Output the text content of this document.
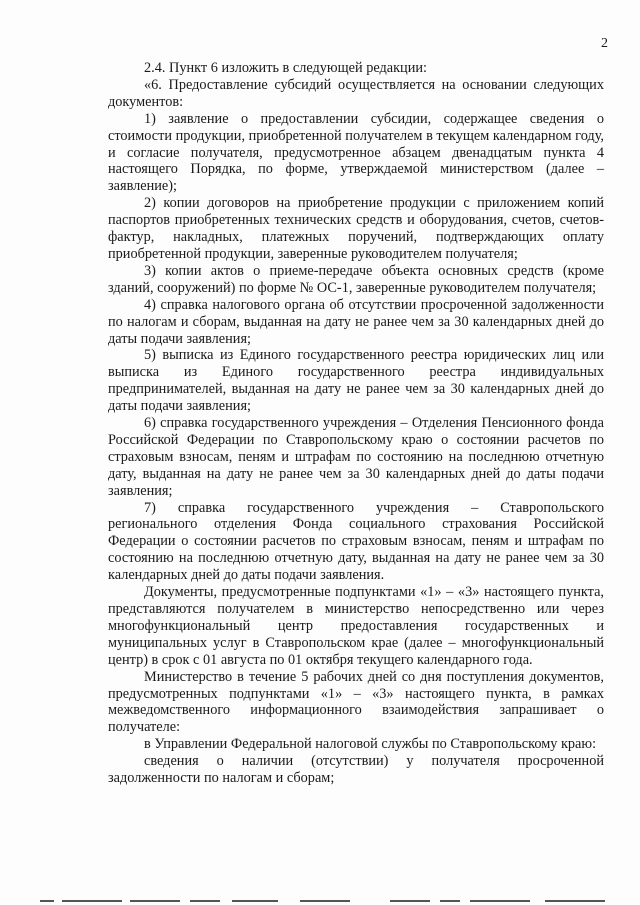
2

2.4. Пункт 6 изложить в следующей редакции:

«6. Предоставление субсидий осуществляется на основании следующих документов:

1) заявление о предоставлении субсидии, содержащее сведения о стоимости продукции, приобретенной получателем в текущем календарном году, и согласие получателя, предусмотренное абзацем двенадцатым пункта 4 настоящего Порядка, по форме, утверждаемой министерством (далее – заявление);

2) копии договоров на приобретение продукции с приложением копий паспортов приобретенных технических средств и оборудования, счетов, счетов-фактур, накладных, платежных поручений, подтверждающих оплату приобретенной продукции, заверенные руководителем получателя;

3) копии актов о приеме-передаче объекта основных средств (кроме зданий, сооружений) по форме № ОС-1, заверенные руководителем получателя;

4) справка налогового органа об отсутствии просроченной задолженности по налогам и сборам, выданная на дату не ранее чем за 30 календарных дней до даты подачи заявления;

5) выписка из Единого государственного реестра юридических лиц или выписка из Единого государственного реестра индивидуальных предпринимателей, выданная на дату не ранее чем за 30 календарных дней до даты подачи заявления;

6) справка государственного учреждения – Отделения Пенсионного фонда Российской Федерации по Ставропольскому краю о состоянии расчетов по страховым взносам, пеням и штрафам по состоянию на последнюю отчетную дату, выданная на дату не ранее чем за 30 календарных дней до даты подачи заявления;

7) справка государственного учреждения – Ставропольского регионального отделения Фонда социального страхования Российской Федерации о состоянии расчетов по страховым взносам, пеням и штрафам по состоянию на последнюю отчетную дату, выданная на дату не ранее чем за 30 календарных дней до даты подачи заявления.

Документы, предусмотренные подпунктами «1» – «3» настоящего пункта, представляются получателем в министерство непосредственно или через многофункциональный центр предоставления государственных и муниципальных услуг в Ставропольском крае (далее – многофункциональный центр) в срок с 01 августа по 01 октября текущего календарного года.

Министерство в течение 5 рабочих дней со дня поступления документов, предусмотренных подпунктами «1» – «3» настоящего пункта, в рамках межведомственного информационного взаимодействия запрашивает о получателе:

в Управлении Федеральной налоговой службы по Ставропольскому краю:

сведения о наличии (отсутствии) у получателя просроченной задолженности по налогам и сборам;
